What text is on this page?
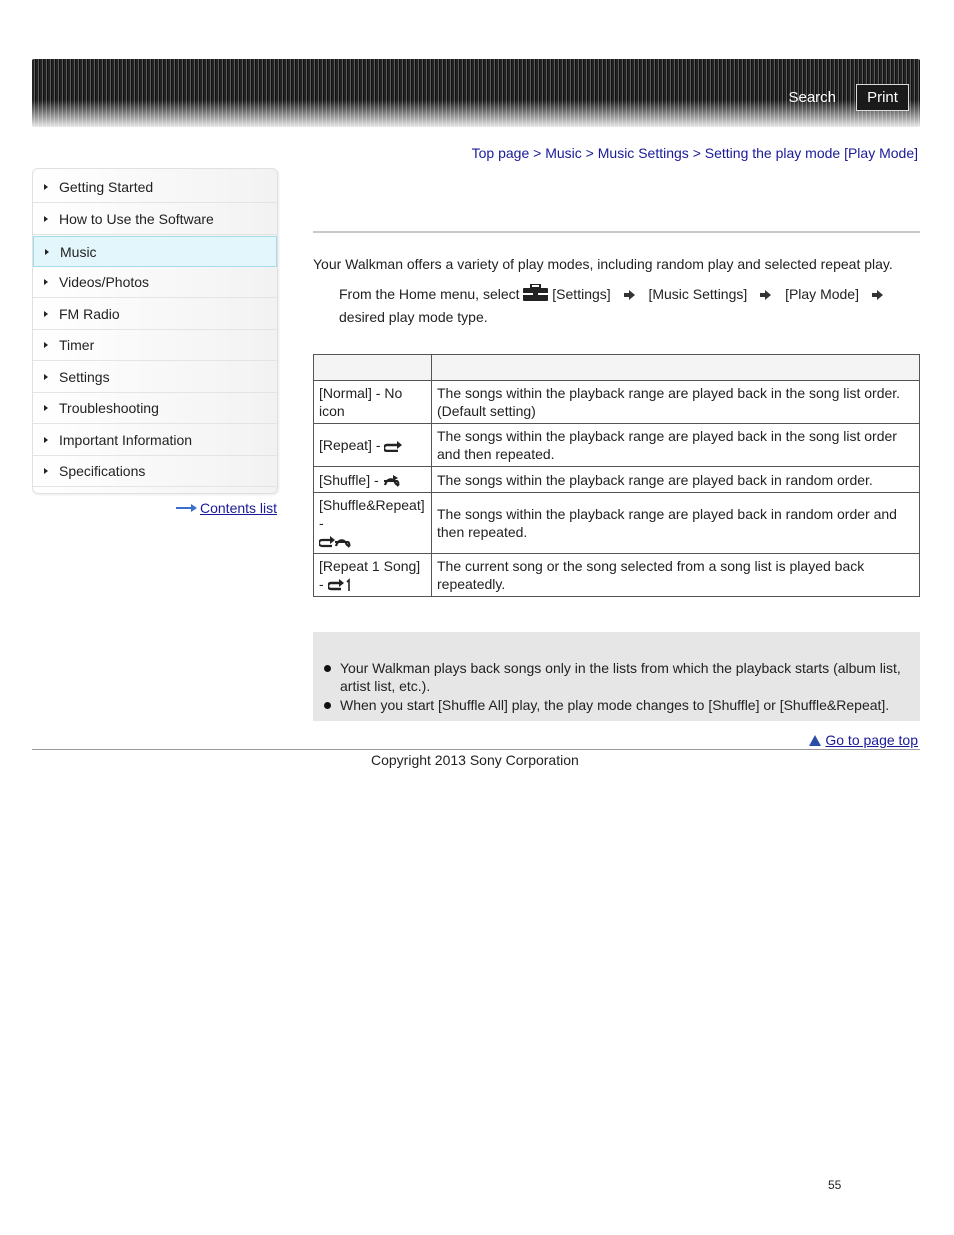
Search	Print
Top page > Music > Music Settings > Setting the play mode [Play Mode]
Getting Started
How to Use the Software
Music
Videos/Photos
FM Radio
Timer
Settings
Troubleshooting
Important Information
Specifications
Contents list

Your Walkman offers a variety of play modes, including random play and selected repeat play.

From the Home menu, select [Settings]	[Music Settings]	[Play Mode]
desired play mode type.

[Normal] - No icon	The songs within the playback range are played back in the song list order. (Default setting)
[Repeat] -	The songs within the playback range are played back in the song list order and then repeated.
[Shuffle] -	The songs within the playback range are played back in random order.
[Shuffle&Repeat] -	The songs within the playback range are played back in random order and then repeated.
[Repeat 1 Song] -	The current song or the song selected from a song list is played back repeatedly.
Your Walkman plays back songs only in the lists from which the playback starts (album list, artist list, etc.).
When you start [Shuffle All] play, the play mode changes to [Shuffle] or [Shuffle&Repeat].
Go to page top
Copyright 2013 Sony Corporation
55
